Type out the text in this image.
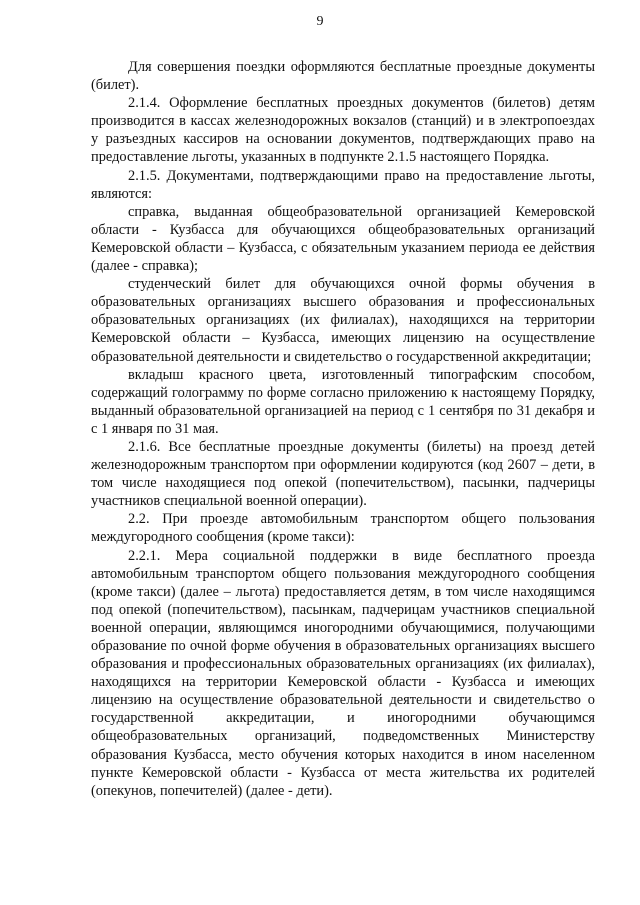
9

Для совершения поездки оформляются бесплатные проездные документы (билет).

2.1.4. Оформление бесплатных проездных документов (билетов) детям производится в кассах железнодорожных вокзалов (станций) и в электропоездах у разъездных кассиров на основании документов, подтверждающих право на предоставление льготы, указанных в подпункте 2.1.5 настоящего Порядка.

2.1.5. Документами, подтверждающими право на предоставление льготы, являются:

справка, выданная общеобразовательной организацией Кемеровской области - Кузбасса для обучающихся общеобразовательных организаций Кемеровской области – Кузбасса, с обязательным указанием периода ее действия (далее - справка);

студенческий билет для обучающихся очной формы обучения в образовательных организациях высшего образования и профессиональных образовательных организациях (их филиалах), находящихся на территории Кемеровской области – Кузбасса, имеющих лицензию на осуществление образовательной деятельности и свидетельство о государственной аккредитации;

вкладыш красного цвета, изготовленный типографским способом, содержащий голограмму по форме согласно приложению к настоящему Порядку, выданный образовательной организацией на период с 1 сентября по 31 декабря и с 1 января по 31 мая.

2.1.6. Все бесплатные проездные документы (билеты) на проезд детей железнодорожным транспортом при оформлении кодируются (код 2607 – дети, в том числе находящиеся под опекой (попечительством), пасынки, падчерицы участников специальной военной операции).

2.2. При проезде автомобильным транспортом общего пользования междугородного сообщения (кроме такси):

2.2.1. Мера социальной поддержки в виде бесплатного проезда автомобильным транспортом общего пользования междугородного сообщения (кроме такси) (далее – льгота) предоставляется детям, в том числе находящимся под опекой (попечительством), пасынкам, падчерицам участников специальной военной операции, являющимся иногородними обучающимися, получающими образование по очной форме обучения в образовательных организациях высшего образования и профессиональных образовательных организациях (их филиалах), находящихся на территории Кемеровской области - Кузбасса и имеющих лицензию на осуществление образовательной деятельности и свидетельство о государственной аккредитации, и иногородними обучающимся общеобразовательных организаций, подведомственных Министерству образования Кузбасса, место обучения которых находится в ином населенном пункте Кемеровской области - Кузбасса от места жительства их родителей (опекунов, попечителей) (далее - дети).
